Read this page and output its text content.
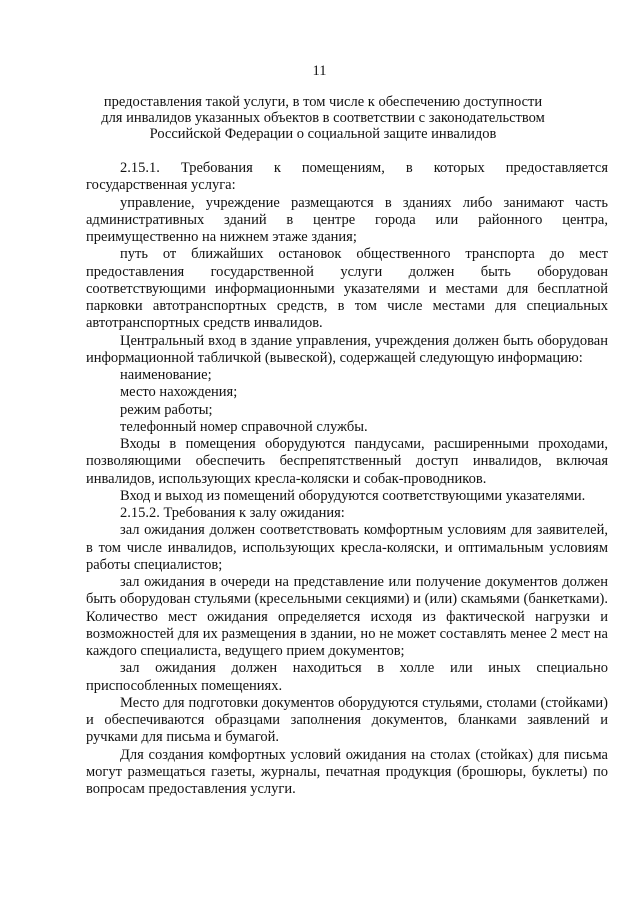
11
предоставления такой услуги, в том числе к обеспечению доступности для инвалидов указанных объектов в соответствии с законодательством Российской Федерации о социальной защите инвалидов

2.15.1. Требования к помещениям, в которых предоставляется государственная услуга:

управление, учреждение размещаются в зданиях либо занимают часть административных зданий в центре города или районного центра, преимущественно на нижнем этаже здания;

путь от ближайших остановок общественного транспорта до мест предоставления государственной услуги должен быть оборудован соответствующими информационными указателями и местами для бесплатной парковки автотранспортных средств, в том числе местами для специальных автотранспортных средств инвалидов.

Центральный вход в здание управления, учреждения должен быть оборудован информационной табличкой (вывеской), содержащей следующую информацию:

наименование;

место нахождения;

режим работы;

телефонный номер справочной службы.

Входы в помещения оборудуются пандусами, расширенными проходами, позволяющими обеспечить беспрепятственный доступ инвалидов, включая инвалидов, использующих кресла-коляски и собак-проводников.

Вход и выход из помещений оборудуются соответствующими указателями.

2.15.2. Требования к залу ожидания:

зал ожидания должен соответствовать комфортным условиям для заявителей, в том числе инвалидов, использующих кресла-коляски, и оптимальным условиям работы специалистов;

зал ожидания в очереди на представление или получение документов должен быть оборудован стульями (кресельными секциями) и (или) скамьями (банкетками). Количество мест ожидания определяется исходя из фактической нагрузки и возможностей для их размещения в здании, но не может составлять менее 2 мест на каждого специалиста, ведущего прием документов;

зал ожидания должен находиться в холле или иных специально приспособленных помещениях.

Место для подготовки документов оборудуются стульями, столами (стойками) и обеспечиваются образцами заполнения документов, бланками заявлений и ручками для письма и бумагой.

Для создания комфортных условий ожидания на столах (стойках) для письма могут размещаться газеты, журналы, печатная продукция (брошюры, буклеты) по вопросам предоставления услуги.
